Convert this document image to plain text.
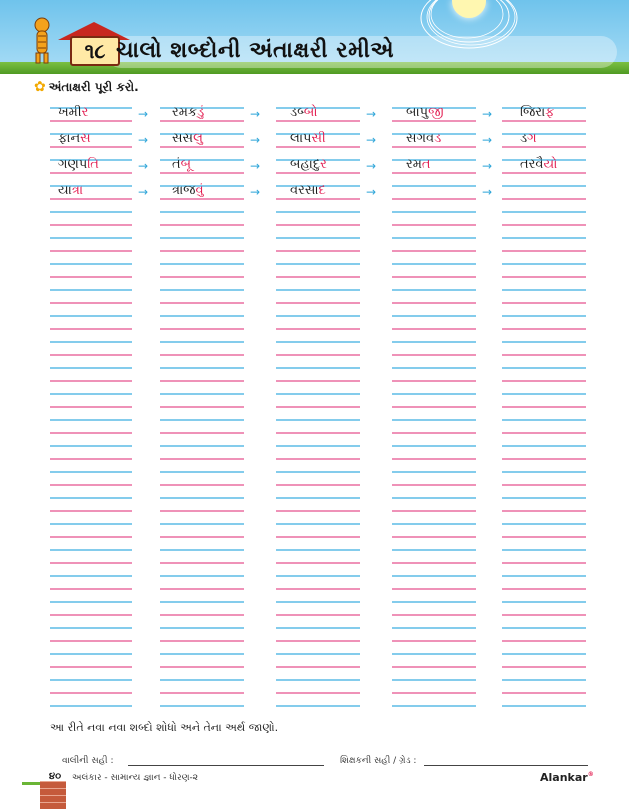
૧૮ ચાલો શબ્દોની અંતાક્ષરી રમીએ
✿ અંતાક્ષરી પૂરી કરો.
ખમીર	→ રમકડું	→ ડબ્બો	→ બાપુજી	→ જિરાફ
ફાનસ	→ સસલુ	→ લાપસી	→ સગવડ	→ ડગ
ગણપતિ	→ તંબૂ	→ બહાદુર	→ રમત	→ તરવૈયો
યાત્રા	→ ત્રાજવું	→ વરસાદ	→	→
આ રીતે નવા નવા શબ્દો શોધો અને તેના અર્થ જાણો.
વાલીની સહી :	શિક્ષકની સહી / ગ્રેડ :
૪૦	અલંકાર - સામાન્ય જ્ઞાન - ધોરણ-૨	Alankar®
